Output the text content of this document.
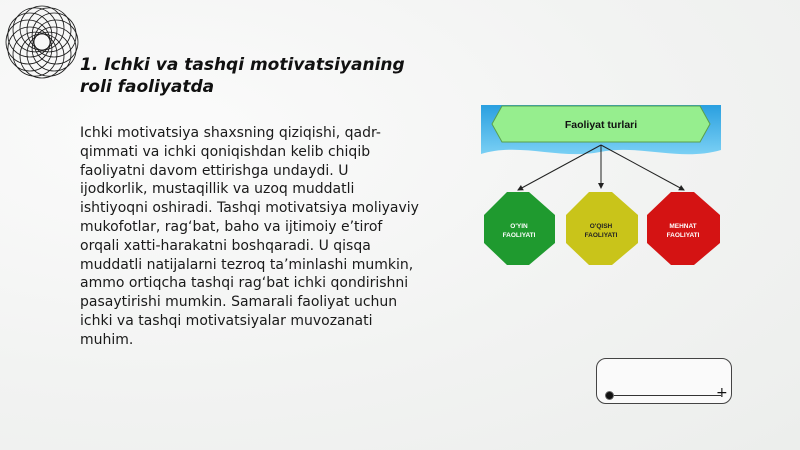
1. Ichki va tashqi motivatsiyaning roli faoliyatda
Ichki motivatsiya shaxsning qiziqishi, qadr-qimmati va ichki qoniqishdan kelib chiqib faoliyatni davom ettirishga undaydi. U ijodkorlik, mustaqillik va uzoq muddatli ishtiyoqni oshiradi. Tashqi motivatsiya moliyaviy mukofotlar, rag‘bat, baho va ijtimoiy e’tirof orqali xatti-harakatni boshqaradi. U qisqa muddatli natijalarni tezroq ta’minlashi mumkin, ammo ortiqcha tashqi rag‘bat ichki qondirishni pasaytirishi mumkin. Samarali faoliyat uchun ichki va tashqi motivatsiyalar muvozanati muhim.
Faoliyat turlari
O'YIN
FAOLIYATI
O'QISH
FAOLIYATI
MEHNAT
FAOLIYATI
+
